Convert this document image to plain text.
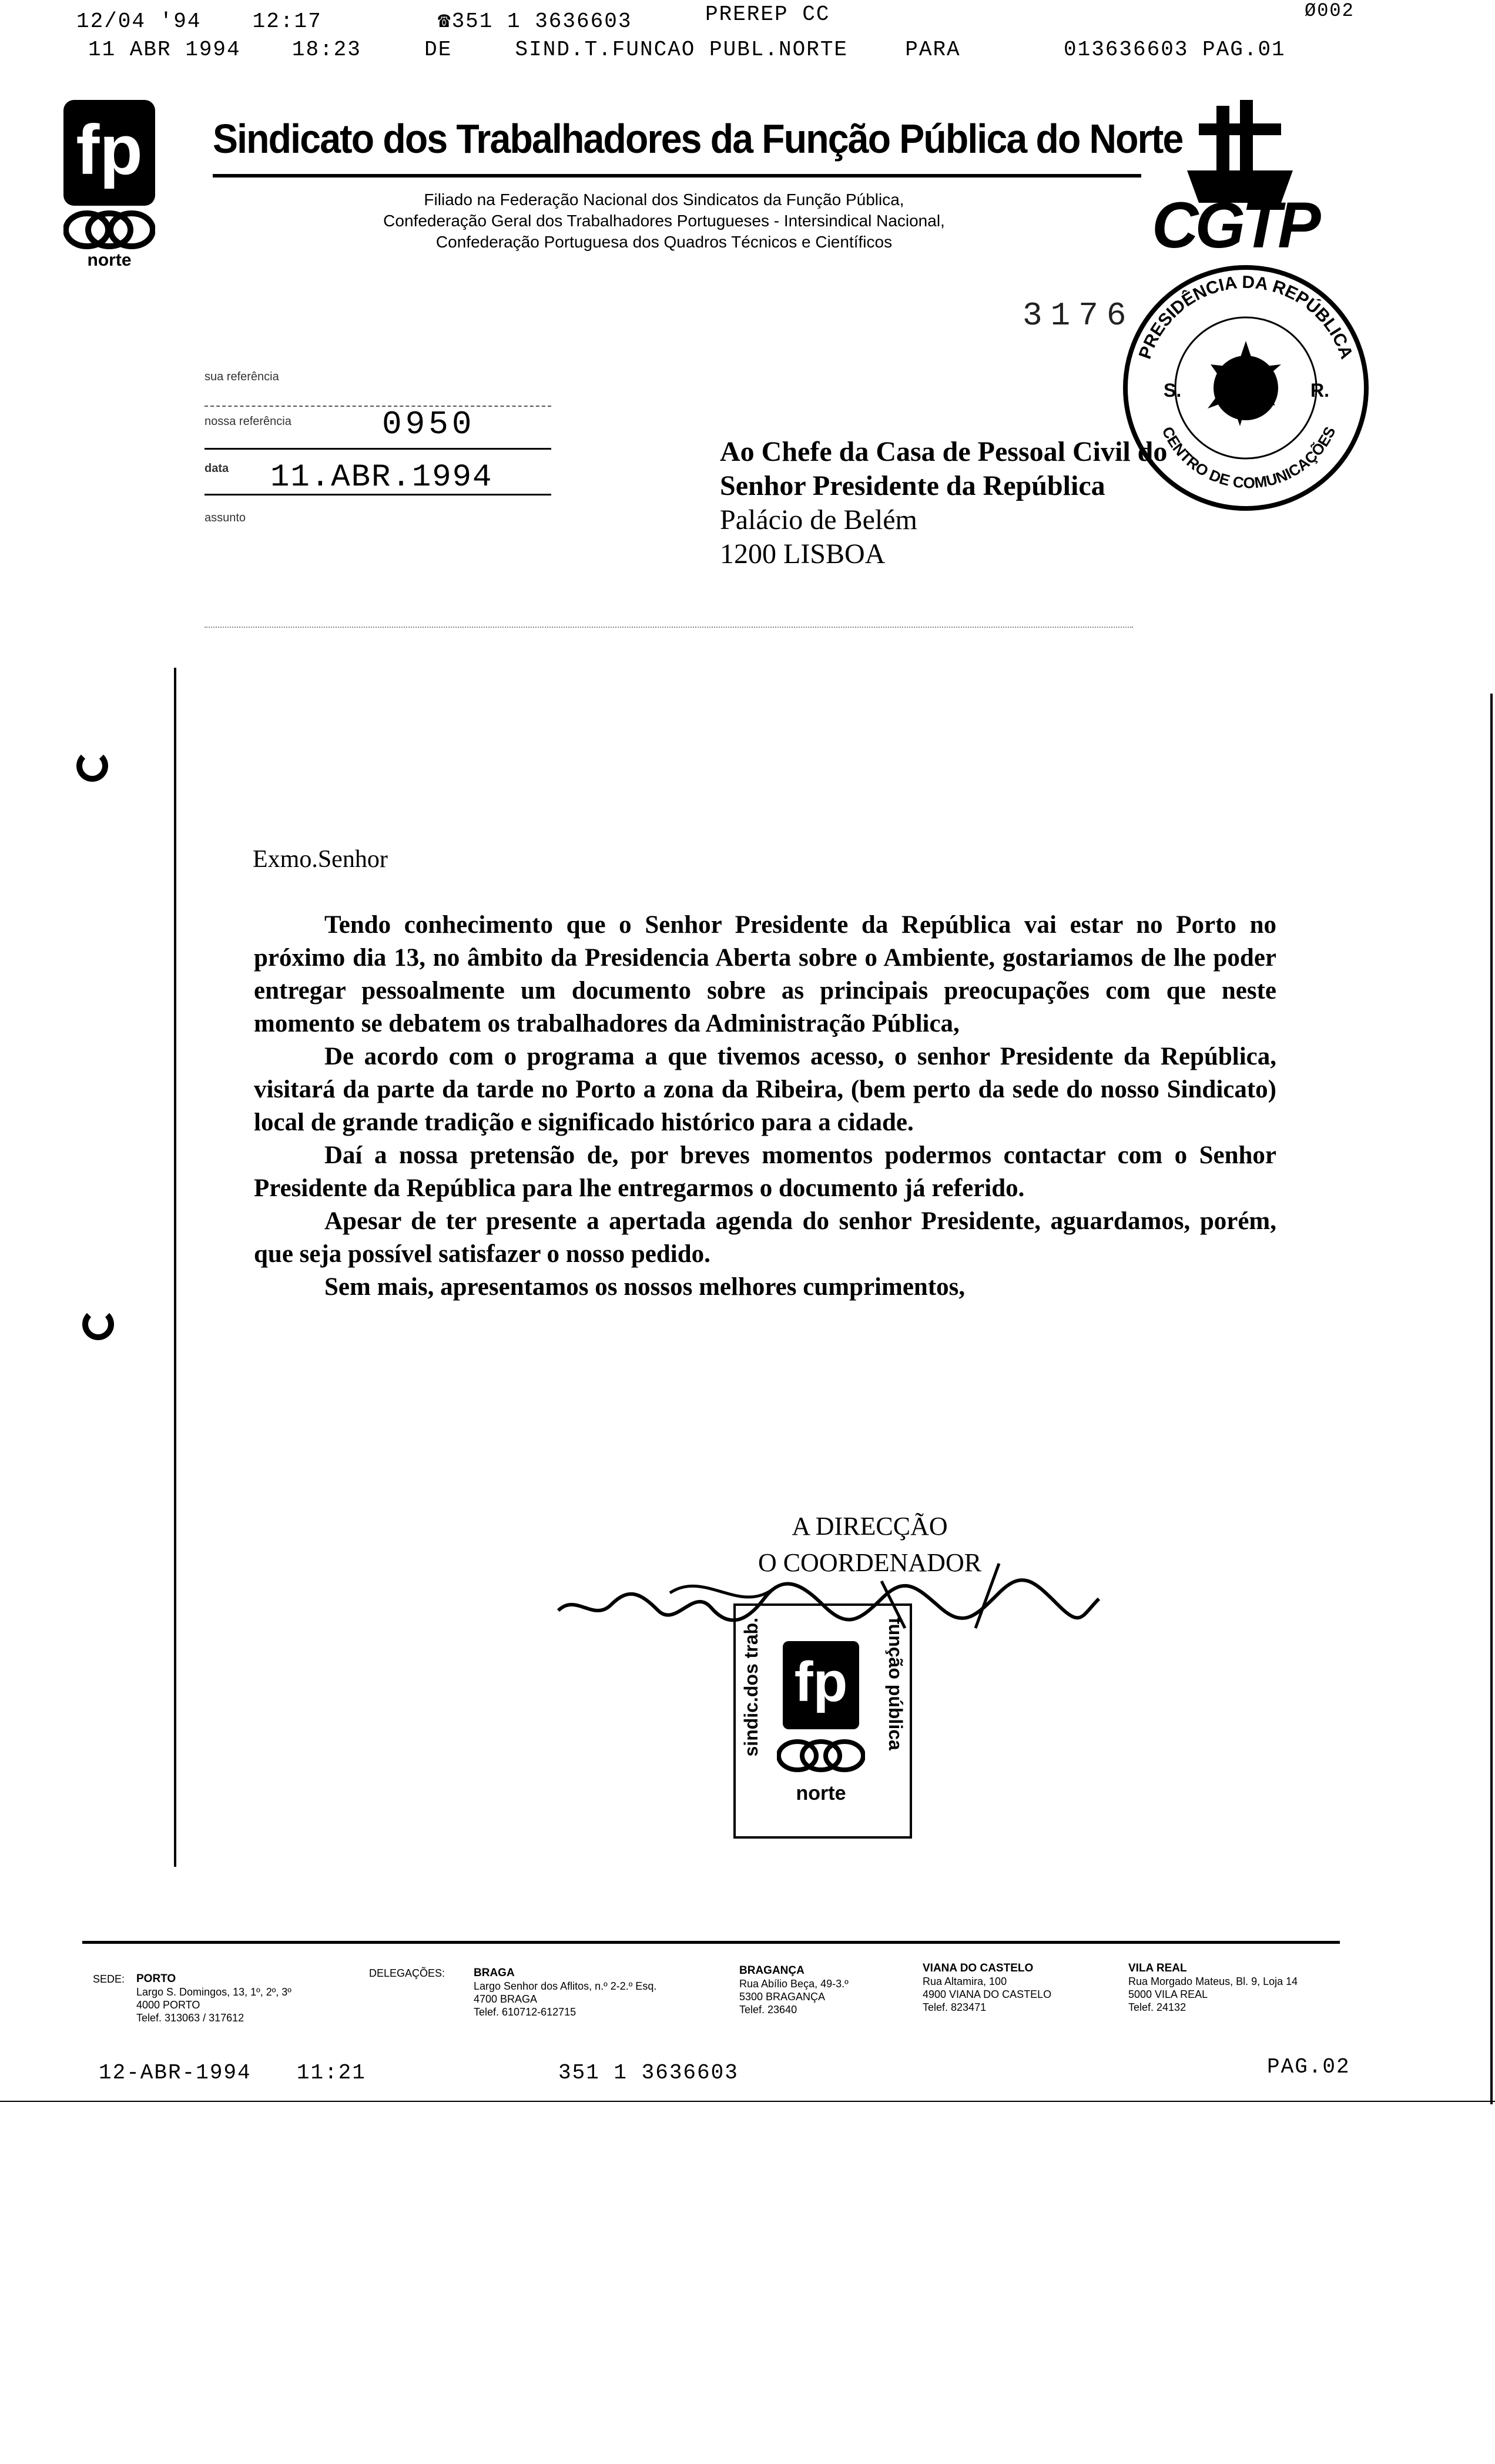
12/04 '94 12:17	☎351 1 3636603	PREREP CC	Ø002
11 ABR 1994 18:23	DE	SIND.T.FUNCAO PUBL.NORTE	PARA	013636603 PAG.01
fp
norte
Sindicato dos Trabalhadores da Função Pública do Norte
Filiado na Federação Nacional dos Sindicatos da Função Pública,
Confederação Geral dos Trabalhadores Portugueses - Intersindical Nacional,
Confederação Portuguesa dos Quadros Técnicos e Científicos	CGTP
PRESIDÊNCIA DA REPÚBLICA
CENTRO DE COMUNICAÇÕES
S.	R.
3176
sua referência
nossa referência	0950
data 11.ABR.1994
assunto
Ao Chefe da Casa de Pessoal Civil do
Senhor Presidente da República
Palácio de Belém
1200 LISBOA
Exmo.Senhor
Tendo conhecimento que o Senhor Presidente da República vai estar no Porto no próximo dia 13, no âmbito da Presidencia Aberta sobre o Ambiente, gostariamos de lhe poder entregar pessoalmente um documento sobre as principais preocupações com que neste momento se debatem os trabalhadores da Administração Pública,
De acordo com o programa a que tivemos acesso, o senhor Presidente da República, visitará da parte da tarde no Porto a zona da Ribeira, (bem perto da sede do nosso Sindicato) local de grande tradição e significado histórico para a cidade.
Daí a nossa pretensão de, por breves momentos podermos contactar com o Senhor Presidente da República para lhe entregarmos o documento já referido.
Apesar de ter presente a apertada agenda do senhor Presidente, aguardamos, porém, que seja possível satisfazer o nosso pedido.
Sem mais, apresentamos os nossos melhores cumprimentos,
A DIRECÇÃO
O COORDENADOR
sindic.dos trab.	função pública
fp
norte
SEDE: PORTO
Largo S. Domingos, 13, 1º, 2º, 3º
4000 PORTO
Telef. 313063 / 317612
DELEGAÇÕES:	BRAGA
Largo Senhor dos Aflitos, n.º 2-2.º Esq.
4700 BRAGA
Telef. 610712-612715
BRAGANÇA
Rua Abílio Beça, 49-3.º
5300 BRAGANÇA
Telef. 23640
VIANA DO CASTELO
Rua Altamira, 100
4900 VIANA DO CASTELO
Telef. 823471
VILA REAL
Rua Morgado Mateus, Bl. 9, Loja 14
5000 VILA REAL
Telef. 24132
12-ABR-1994 11:21	351 1 3636603	PAG.02
